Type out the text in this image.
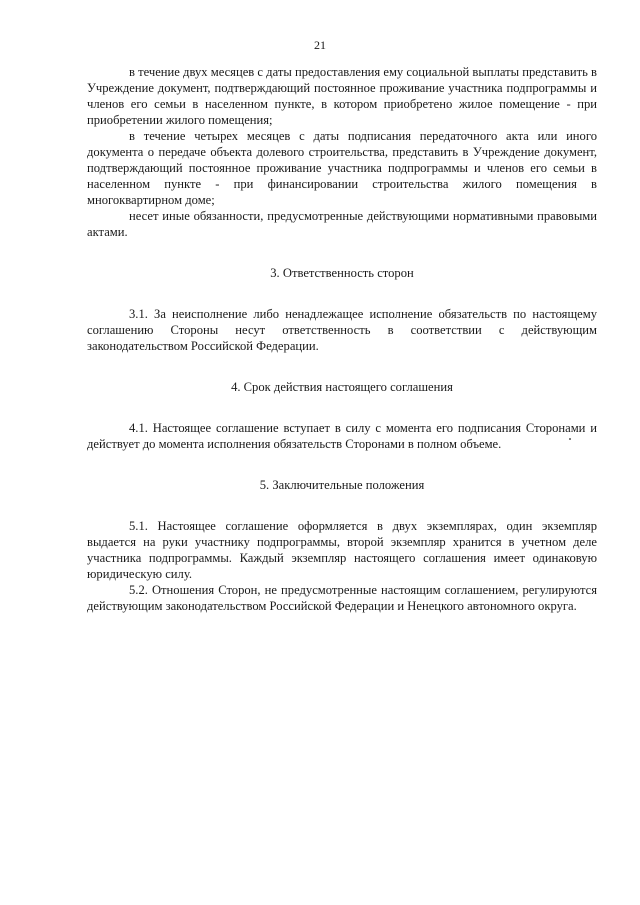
21

в течение двух месяцев с даты предоставления ему социальной выплаты представить в Учреждение документ, подтверждающий постоянное проживание участника подпрограммы и членов его семьи в населенном пункте, в котором приобретено жилое помещение - при приобретении жилого помещения;

в течение четырех месяцев с даты подписания передаточного акта или иного документа о передаче объекта долевого строительства, представить в Учреждение документ, подтверждающий постоянное проживание участника подпрограммы и членов его семьи в населенном пункте - при финансировании строительства жилого помещения в многоквартирном доме;

несет иные обязанности, предусмотренные действующими нормативными правовыми актами.

3. Ответственность сторон

3.1. За неисполнение либо ненадлежащее исполнение обязательств по настоящему соглашению Стороны несут ответственность в соответствии с действующим законодательством Российской Федерации.

4. Срок действия настоящего соглашения

4.1. Настоящее соглашение вступает в силу с момента его подписания Сторонами и действует до момента исполнения обязательств Сторонами в полном объеме.

5. Заключительные положения

5.1. Настоящее соглашение оформляется в двух экземплярах, один экземпляр выдается на руки участнику подпрограммы, второй экземпляр хранится в учетном деле участника подпрограммы. Каждый экземпляр настоящего соглашения имеет одинаковую юридическую силу.

5.2. Отношения Сторон, не предусмотренные настоящим соглашением, регулируются действующим законодательством Российской Федерации и Ненецкого автономного округа.
